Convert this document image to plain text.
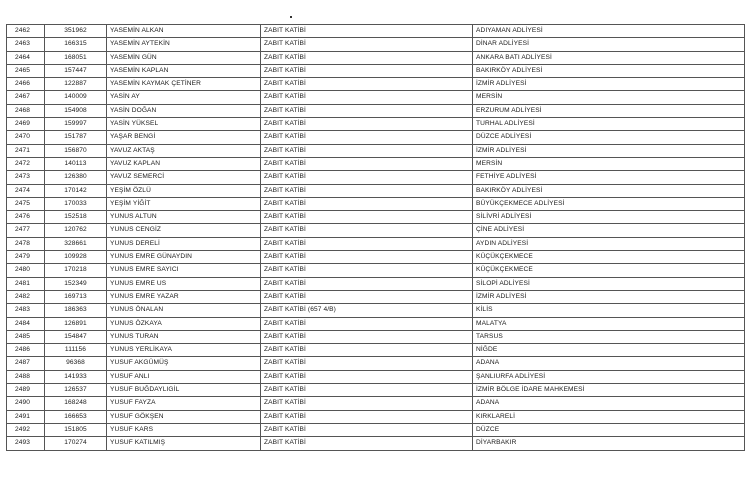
2462	351962	YASEMİN ALKAN	ZABIT KATİBİ	ADIYAMAN ADLİYESİ
2463	166315	YASEMİN AYTEKİN	ZABIT KATİBİ	DİNAR ADLİYESİ
2464	168051	YASEMİN GÜN	ZABIT KATİBİ	ANKARA BATI ADLİYESİ
2465	157447	YASEMİN KAPLAN	ZABIT KATİBİ	BAKIRKÖY ADLİYESİ
2466	122887	YASEMİN KAYMAK ÇETİNER	ZABIT KATİBİ	İZMİR ADLİYESİ
2467	140009	YASİN AY	ZABIT KATİBİ	MERSİN
2468	154908	YASİN DOĞAN	ZABIT KATİBİ	ERZURUM ADLİYESİ
2469	159997	YASİN YÜKSEL	ZABIT KATİBİ	TURHAL ADLİYESİ
2470	151787	YAŞAR BENGİ	ZABIT KATİBİ	DÜZCE ADLİYESİ
2471	156870	YAVUZ AKTAŞ	ZABIT KATİBİ	İZMİR ADLİYESİ
2472	140113	YAVUZ KAPLAN	ZABIT KATİBİ	MERSİN
2473	126380	YAVUZ SEMERCİ	ZABIT KATİBİ	FETHİYE ADLİYESİ
2474	170142	YEŞİM ÖZLÜ	ZABIT KATİBİ	BAKIRKÖY ADLİYESİ
2475	170033	YEŞİM YİĞİT	ZABIT KATİBİ	BÜYÜKÇEKMECE ADLİYESİ
2476	152518	YUNUS ALTUN	ZABIT KATİBİ	SİLİVRİ ADLİYESİ
2477	120762	YUNUS CENGİZ	ZABIT KATİBİ	ÇİNE ADLİYESİ
2478	328661	YUNUS DERELİ	ZABIT KATİBİ	AYDIN ADLİYESİ
2479	109928	YUNUS EMRE GÜNAYDIN	ZABIT KATİBİ	KÜÇÜKÇEKMECE
2480	170218	YUNUS EMRE SAYICI	ZABIT KATİBİ	KÜÇÜKÇEKMECE
2481	152349	YUNUS EMRE US	ZABIT KATİBİ	SİLOPİ ADLİYESİ
2482	169713	YUNUS EMRE YAZAR	ZABIT KATİBİ	İZMİR ADLİYESİ
2483	186363	YUNUS ÖNALAN	ZABIT KATİBİ (657 4/B)	KİLİS
2484	126891	YUNUS ÖZKAYA	ZABIT KATİBİ	MALATYA
2485	154847	YUNUS TURAN	ZABIT KATİBİ	TARSUS
2486	111156	YUNUS YERLİKAYA	ZABIT KATİBİ	NİĞDE
2487	96368	YUSUF AKGÜMÜŞ	ZABIT KATİBİ	ADANA
2488	141933	YUSUF ANLI	ZABIT KATİBİ	ŞANLIURFA ADLİYESİ
2489	126537	YUSUF BUĞDAYLIGİL	ZABIT KATİBİ	İZMİR BÖLGE İDARE MAHKEMESİ
2490	168248	YUSUF FAYZA	ZABIT KATİBİ	ADANA
2491	166653	YUSUF GÖKŞEN	ZABIT KATİBİ	KIRKLARELİ
2492	151805	YUSUF KARS	ZABIT KATİBİ	DÜZCE
2493	170274	YUSUF KATILMIŞ	ZABIT KATİBİ	DİYARBAKIR
